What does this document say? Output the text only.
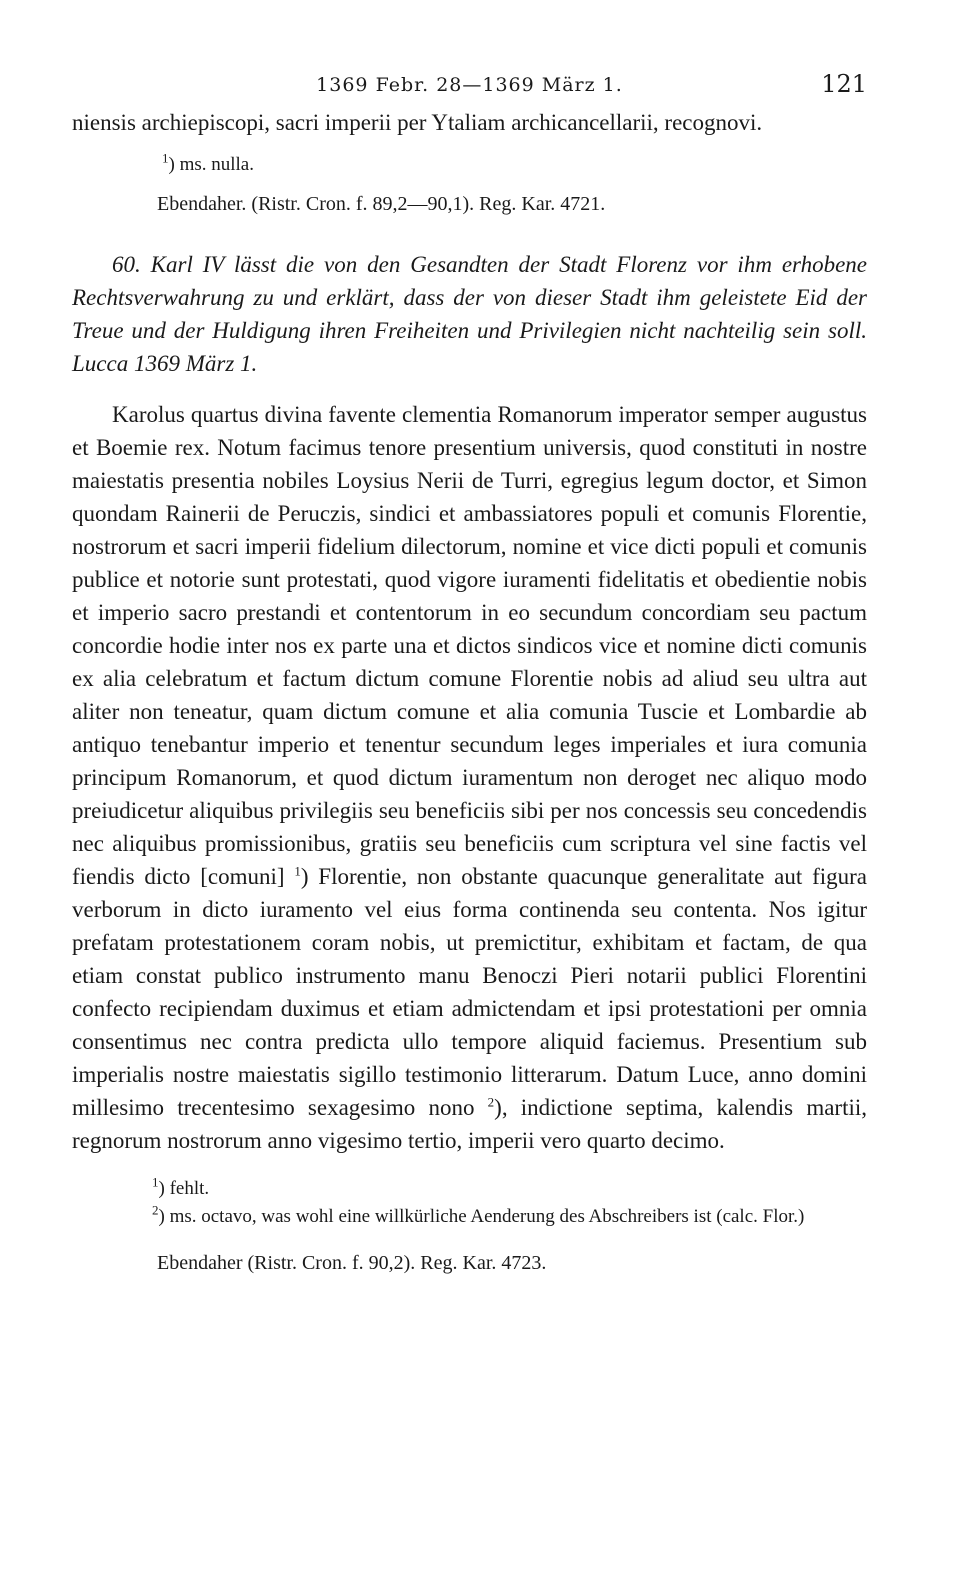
1369 Febr. 28—1369 März 1.	121

niensis archiepiscopi, sacri imperii per Ytaliam archicancellarii, recognovi.

$^1$) ms. nulla.

Ebendaher. (Ristr. Cron. f. 89,2—90,1). Reg. Kar. 4721.

60. Karl IV lässt die von den Gesandten der Stadt Florenz vor ihm erhobene Rechtsverwahrung zu und erklärt, dass der von dieser Stadt ihm geleistete Eid der Treue und der Huldigung ihren Freiheiten und Privilegien nicht nachteilig sein soll. Lucca 1369 März 1.

Karolus quartus divina favente clementia Romanorum imperator semper augustus et Boemie rex. Notum facimus tenore presentium universis, quod constituti in nostre maiestatis presentia nobiles Loysius Nerii de Turri, egregius legum doctor, et Simon quondam Rainerii de Peruczis, sindici et ambassiatores populi et comunis Florentie, nostrorum et sacri imperii fidelium dilectorum, nomine et vice dicti populi et comunis publice et notorie sunt protestati, quod vigore iuramenti fidelitatis et obedientie nobis et imperio sacro prestandi et contentorum in eo secundum concordiam seu pactum concordie hodie inter nos ex parte una et dictos sindicos vice et nomine dicti comunis ex alia celebratum et factum dictum comune Florentie nobis ad aliud seu ultra aut aliter non teneatur, quam dictum comune et alia comunia Tuscie et Lombardie ab antiquo tenebantur imperio et tenentur secundum leges imperiales et iura comunia principum Romanorum, et quod dictum iuramentum non deroget nec aliquo modo preiudicetur aliquibus privilegiis seu beneficiis sibi per nos concessis seu concedendis nec aliquibus promissionibus, gratiis seu beneficiis cum scriptura vel sine factis vel fiendis dicto [comuni] $^1$) Florentie, non obstante quacunque generalitate aut figura verborum in dicto iuramento vel eius forma continenda seu contenta. Nos igitur prefatam protestationem coram nobis, ut premictitur, exhibitam et factam, de qua etiam constat publico instrumento manu Benoczi Pieri notarii publici Florentini confecto recipiendam duximus et etiam admictendam et ipsi protestationi per omnia consentimus nec contra predicta ullo tempore aliquid faciemus. Presentium sub imperialis nostre maiestatis sigillo testimonio litterarum. Datum Luce, anno domini millesimo trecentesimo sexagesimo nono $^2$), indictione septima, kalendis martii, regnorum nostrorum anno vigesimo tertio, imperii vero quarto decimo.

$^1$) fehlt.
$^2$) ms. octavo, was wohl eine willkürliche Aenderung des Abschreibers ist (calc. Flor.)

Ebendaher (Ristr. Cron. f. 90,2). Reg. Kar. 4723.
